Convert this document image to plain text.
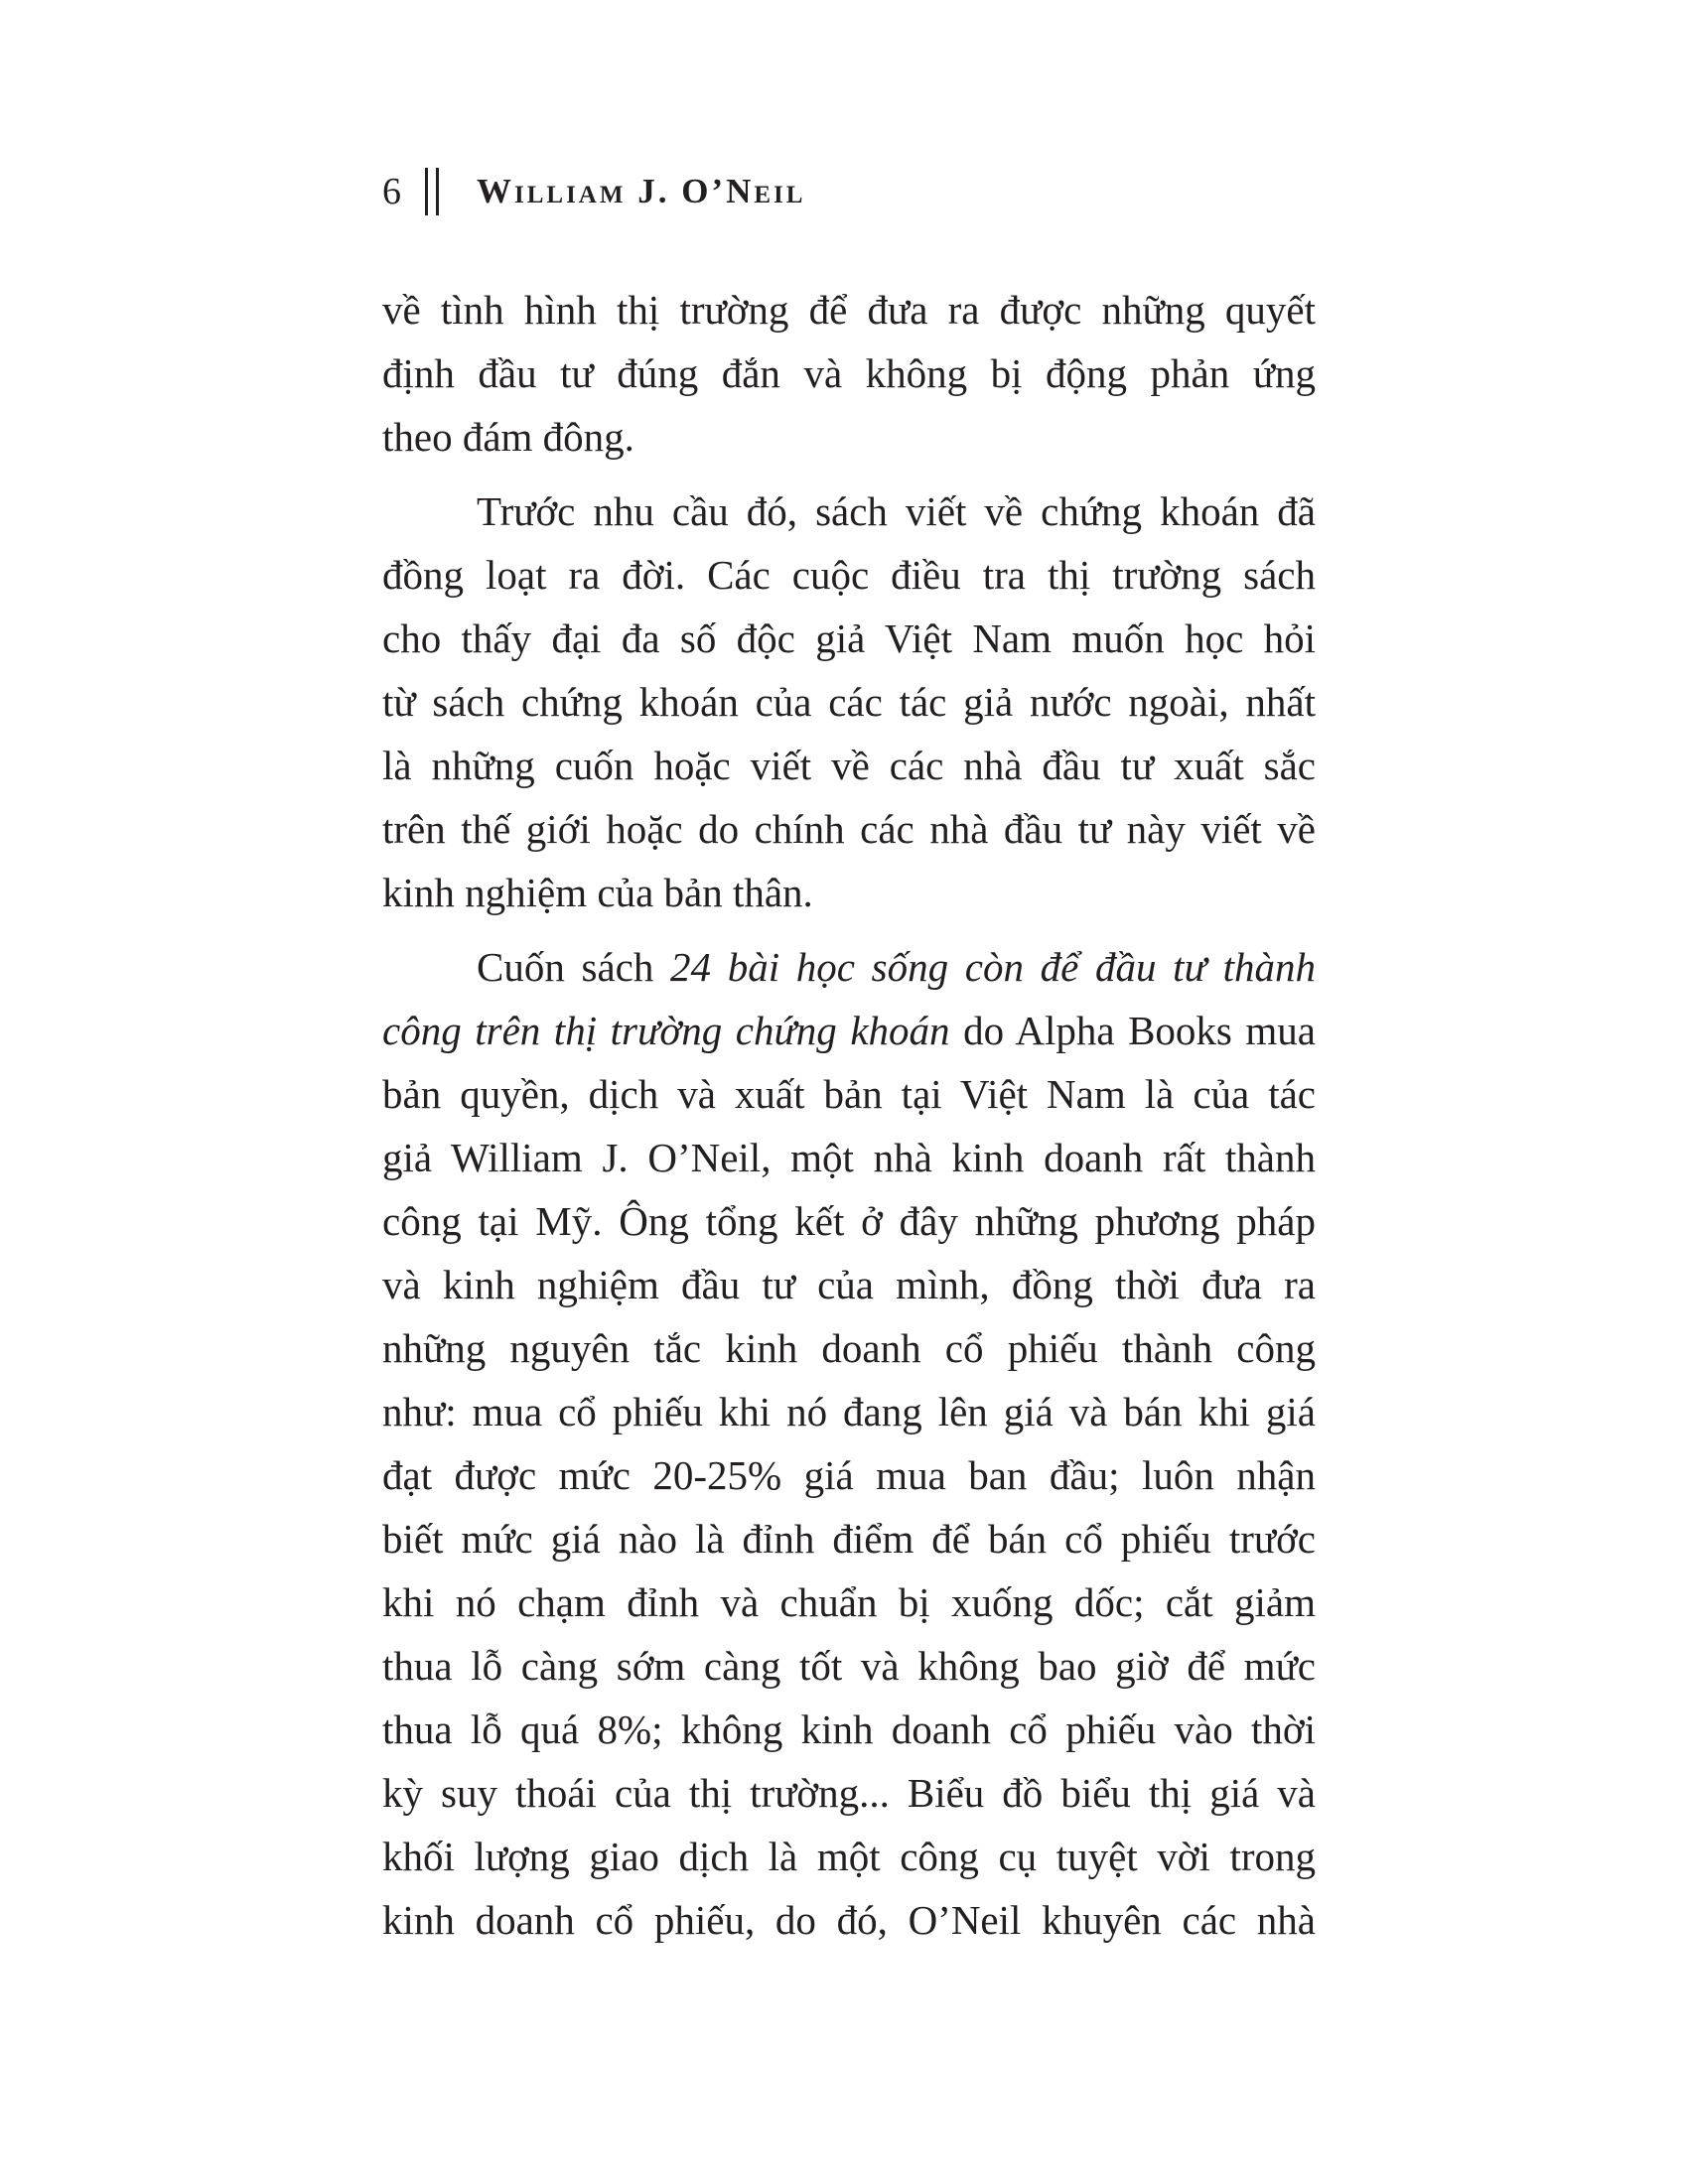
6 William J. O’Neil
về tình hình thị trường để đưa ra được những quyết
định đầu tư đúng đắn và không bị động phản ứng
theo đám đông.
Trước nhu cầu đó, sách viết về chứng khoán đã
đồng loạt ra đời. Các cuộc điều tra thị trường sách
cho thấy đại đa số độc giả Việt Nam muốn học hỏi
từ sách chứng khoán của các tác giả nước ngoài, nhất
là những cuốn hoặc viết về các nhà đầu tư xuất sắc
trên thế giới hoặc do chính các nhà đầu tư này viết về
kinh nghiệm của bản thân.
Cuốn sách 24 bài học sống còn để đầu tư thành
công trên thị trường chứng khoán do Alpha Books mua
bản quyền, dịch và xuất bản tại Việt Nam là của tác
giả William J. O’Neil, một nhà kinh doanh rất thành
công tại Mỹ. Ông tổng kết ở đây những phương pháp
và kinh nghiệm đầu tư của mình, đồng thời đưa ra
những nguyên tắc kinh doanh cổ phiếu thành công
như: mua cổ phiếu khi nó đang lên giá và bán khi giá
đạt được mức 20-25% giá mua ban đầu; luôn nhận
biết mức giá nào là đỉnh điểm để bán cổ phiếu trước
khi nó chạm đỉnh và chuẩn bị xuống dốc; cắt giảm
thua lỗ càng sớm càng tốt và không bao giờ để mức
thua lỗ quá 8%; không kinh doanh cổ phiếu vào thời
kỳ suy thoái của thị trường... Biểu đồ biểu thị giá và
khối lượng giao dịch là một công cụ tuyệt vời trong
kinh doanh cổ phiếu, do đó, O’Neil khuyên các nhà
